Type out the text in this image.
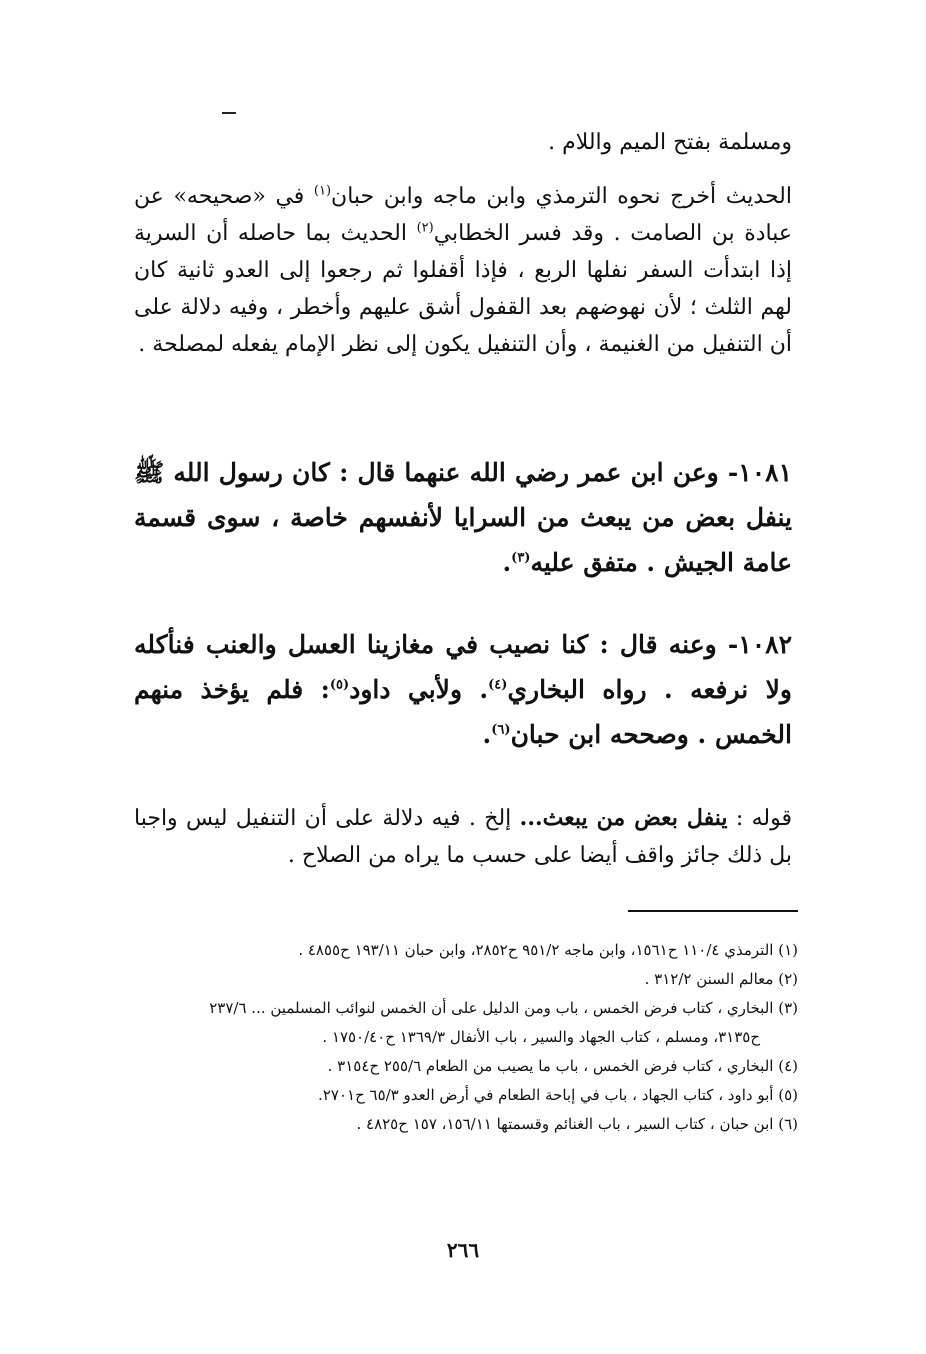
ومسلمة بفتح الميم واللام .

الحديث أخرج نحوه الترمذي وابن ماجه وابن حبان$^{(١)}$ في «صحيحه» عن عبادة بن الصامت . وقد فسر الخطابي$^{(٢)}$ الحديث بما حاصله أن السرية إذا ابتدأت السفر نفلها الربع ، فإذا أقفلوا ثم رجعوا إلى العدو ثانية كان لهم الثلث ؛ لأن نهوضهم بعد القفول أشق عليهم وأخطر ، وفيه دلالة على أن التنفيل من الغنيمة ، وأن التنفيل يكون إلى نظر الإمام يفعله لمصلحة .

١٠٨١- وعن ابن عمر رضي الله عنهما قال : كان رسول الله ﷺ ينفل بعض من يبعث من السرايا لأنفسهم خاصة ، سوى قسمة عامة الجيش . متفق عليه$^{(٣)}$.

١٠٨٢- وعنه قال : كنا نصيب في مغازينا العسل والعنب فنأكله ولا نرفعه . رواه البخاري$^{(٤)}$. ولأبي داود$^{(٥)}$: فلم يؤخذ منهم الخمس . وصححه ابن حبان$^{(٦)}$.

قوله : ينفل بعض من يبعث... إلخ . فيه دلالة على أن التنفيل ليس واجبا بل ذلك جائز واقف أيضا على حسب ما يراه من الصلاح .

(١) الترمذي ١١٠/٤ ح١٥٦١، وابن ماجه ٩٥١/٢ ح٢٨٥٢، وابن حبان ١٩٣/١١ ح٤٨٥٥ .

(٢) معالم السنن ٣١٢/٢ .

(٣) البخاري ، كتاب فرض الخمس ، باب ومن الدليل على أن الخمس لنوائب المسلمين ... ٢٣٧/٦
ح٣١٣٥، ومسلم ، كتاب الجهاد والسير ، باب الأنفال ١٣٦٩/٣ ح١٧٥٠/٤٠ .

(٤) البخاري ، كتاب فرض الخمس ، باب ما يصيب من الطعام ٢٥٥/٦ ح٣١٥٤ .

(٥) أبو داود ، كتاب الجهاد ، باب في إباحة الطعام في أرض العدو ٦٥/٣ ح٢٧٠١.

(٦) ابن حبان ، كتاب السير ، باب الغنائم وقسمتها ١٥٦/١١، ١٥٧ ح٤٨٢٥ .

٢٦٦
